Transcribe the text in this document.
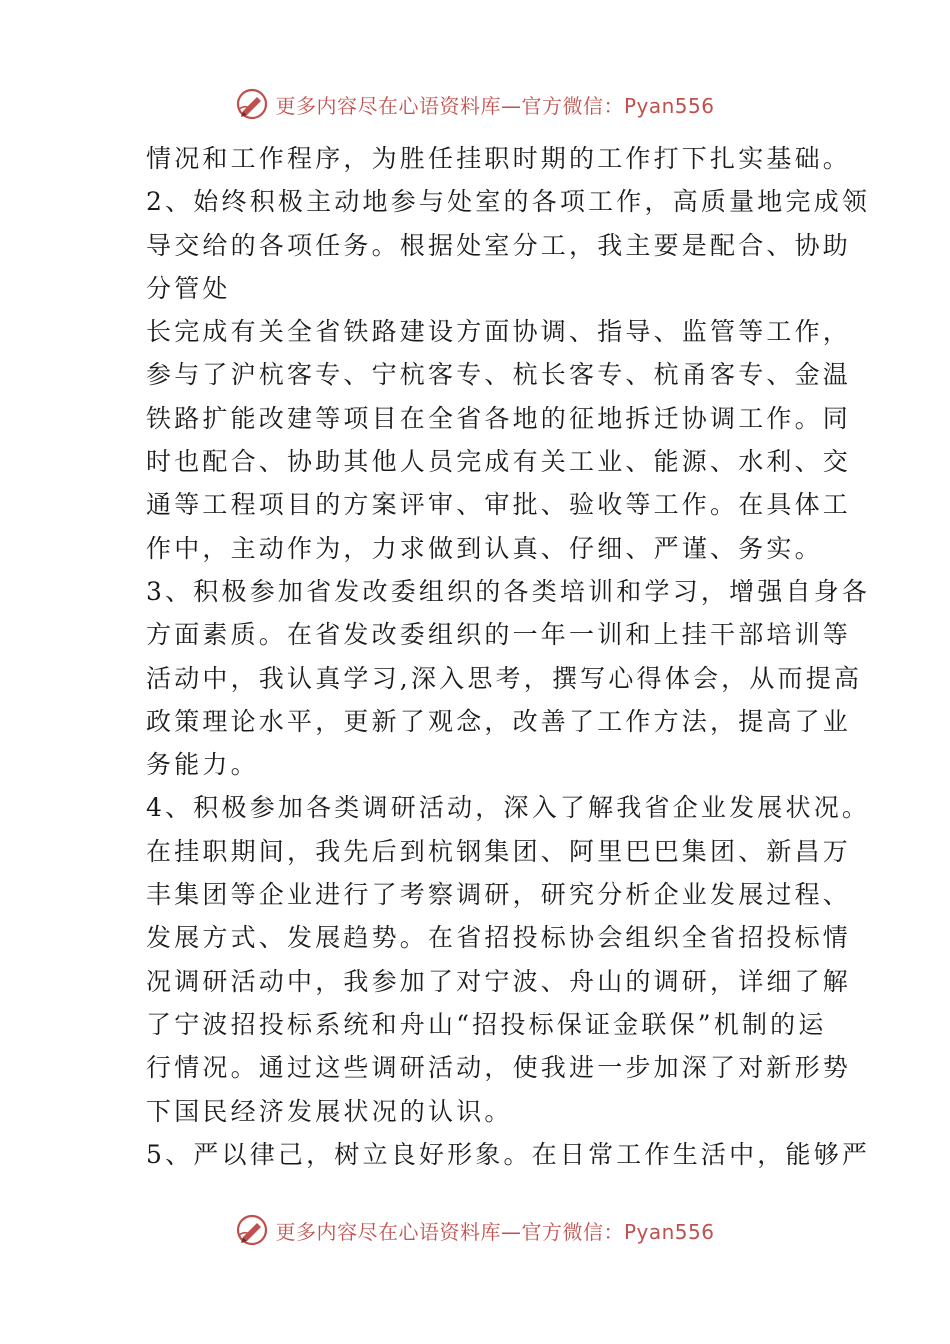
更多内容尽在心语资料库—官方微信：Pyan556
情况和工作程序，为胜任挂职时期的工作打下扎实基础。
2、始终积极主动地参与处室的各项工作，高质量地完成领
导交给的各项任务。根据处室分工，我主要是配合、协助
分管处
长完成有关全省铁路建设方面协调、指导、监管等工作，
参与了沪杭客专、宁杭客专、杭长客专、杭甬客专、金温
铁路扩能改建等项目在全省各地的征地拆迁协调工作。同
时也配合、协助其他人员完成有关工业、能源、水利、交
通等工程项目的方案评审、审批、验收等工作。在具体工
作中，主动作为，力求做到认真、仔细、严谨、务实。
3、积极参加省发改委组织的各类培训和学习，增强自身各
方面素质。在省发改委组织的一年一训和上挂干部培训等
活动中，我认真学习,深入思考，撰写心得体会，从而提高
政策理论水平，更新了观念，改善了工作方法，提高了业
务能力。
4、积极参加各类调研活动，深入了解我省企业发展状况。
在挂职期间，我先后到杭钢集团、阿里巴巴集团、新昌万
丰集团等企业进行了考察调研，研究分析企业发展过程、
发展方式、发展趋势。在省招投标协会组织全省招投标情
况调研活动中，我参加了对宁波、舟山的调研，详细了解
了宁波招投标系统和舟山“招投标保证金联保”机制的运
行情况。通过这些调研活动，使我进一步加深了对新形势
下国民经济发展状况的认识。
5、严以律己，树立良好形象。在日常工作生活中，能够严
更多内容尽在心语资料库—官方微信：Pyan556
